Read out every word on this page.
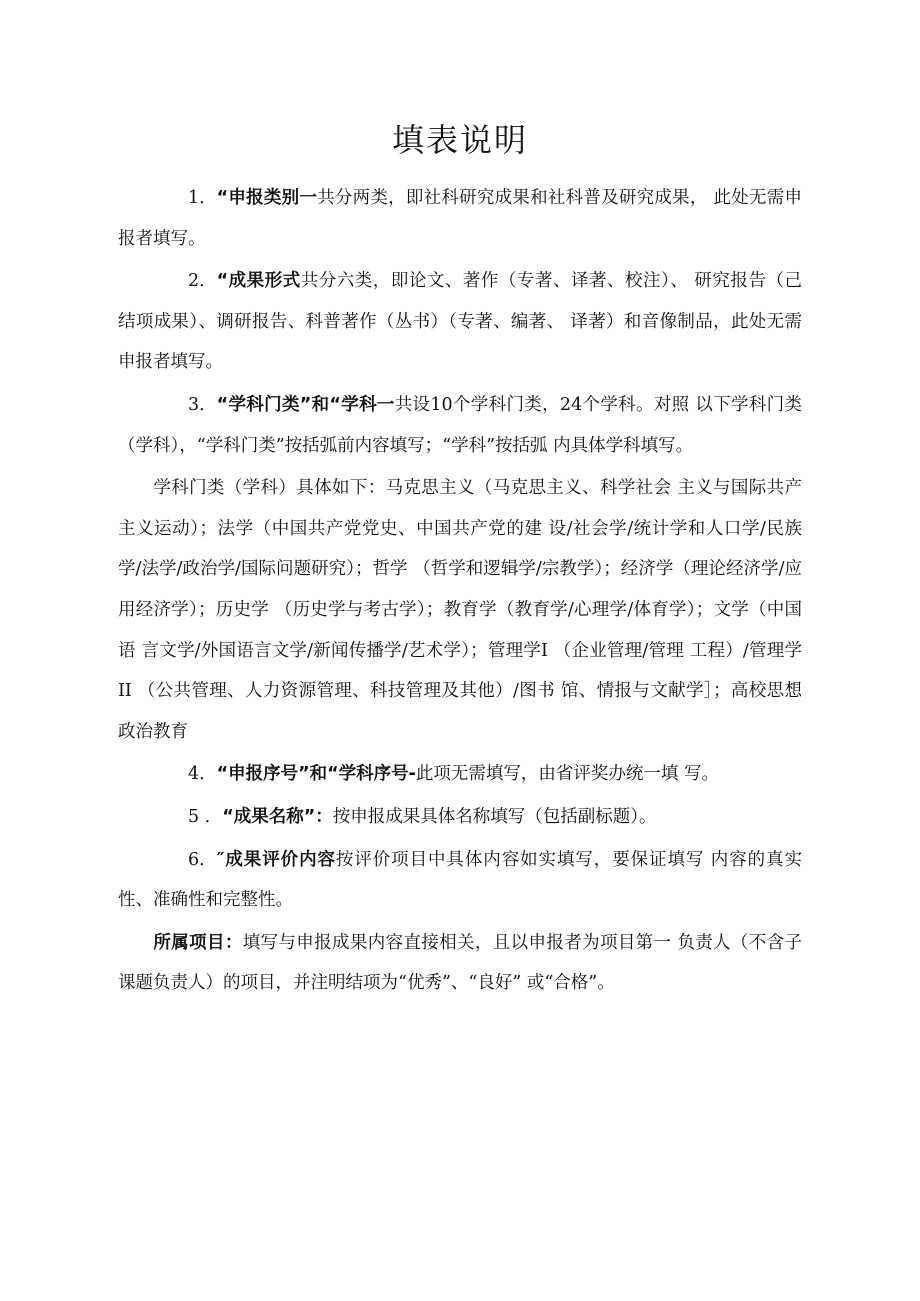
填表说明

1．“申报类别一共分两类，即社科研究成果和社科普及研究成果， 此处无需申报者填写。

2．“成果形式共分六类，即论文、著作（专著、译著、校注）、 研究报告（己结项成果）、调研报告、科普著作（丛书）（专著、编著、 译著）和音像制品，此处无需申报者填写。

3．“学科门类”和“学科一共设10个学科门类，24个学科。对照 以下学科门类（学科），“学科门类”按括弧前内容填写；“学科”按括弧 内具体学科填写。

学科门类（学科）具体如下：马克思主义（马克思主义、科学社会 主义与国际共产主义运动）；法学（中国共产党党史、中国共产党的建 设/社会学/统计学和人口学/民族学/法学/政治学/国际问题研究）；哲学 （哲学和逻辑学/宗教学）；经济学（理论经济学/应用经济学）；历史学 （历史学与考古学）；教育学（教育学/心理学/体育学）；文学（中国语 言文学/外国语言文学/新闻传播学/艺术学）；管理学I （企业管理/管理 工程）/管理学II （公共管理、人力资源管理、科技管理及其他）/图书 馆、情报与文献学］；高校思想政治教育

4．“申报序号”和“学科序号-此项无需填写，由省评奖办统一填 写。

5 ．“成果名称”：按申报成果具体名称填写（包括副标题）。

6．″成果评价内容按评价项目中具体内容如实填写，要保证填写 内容的真实性、准确性和完整性。

所属项目：填写与申报成果内容直接相关，且以申报者为项目第一 负责人（不含子课题负责人）的项目，并注明结项为“优秀”、“良好” 或“合格”。
